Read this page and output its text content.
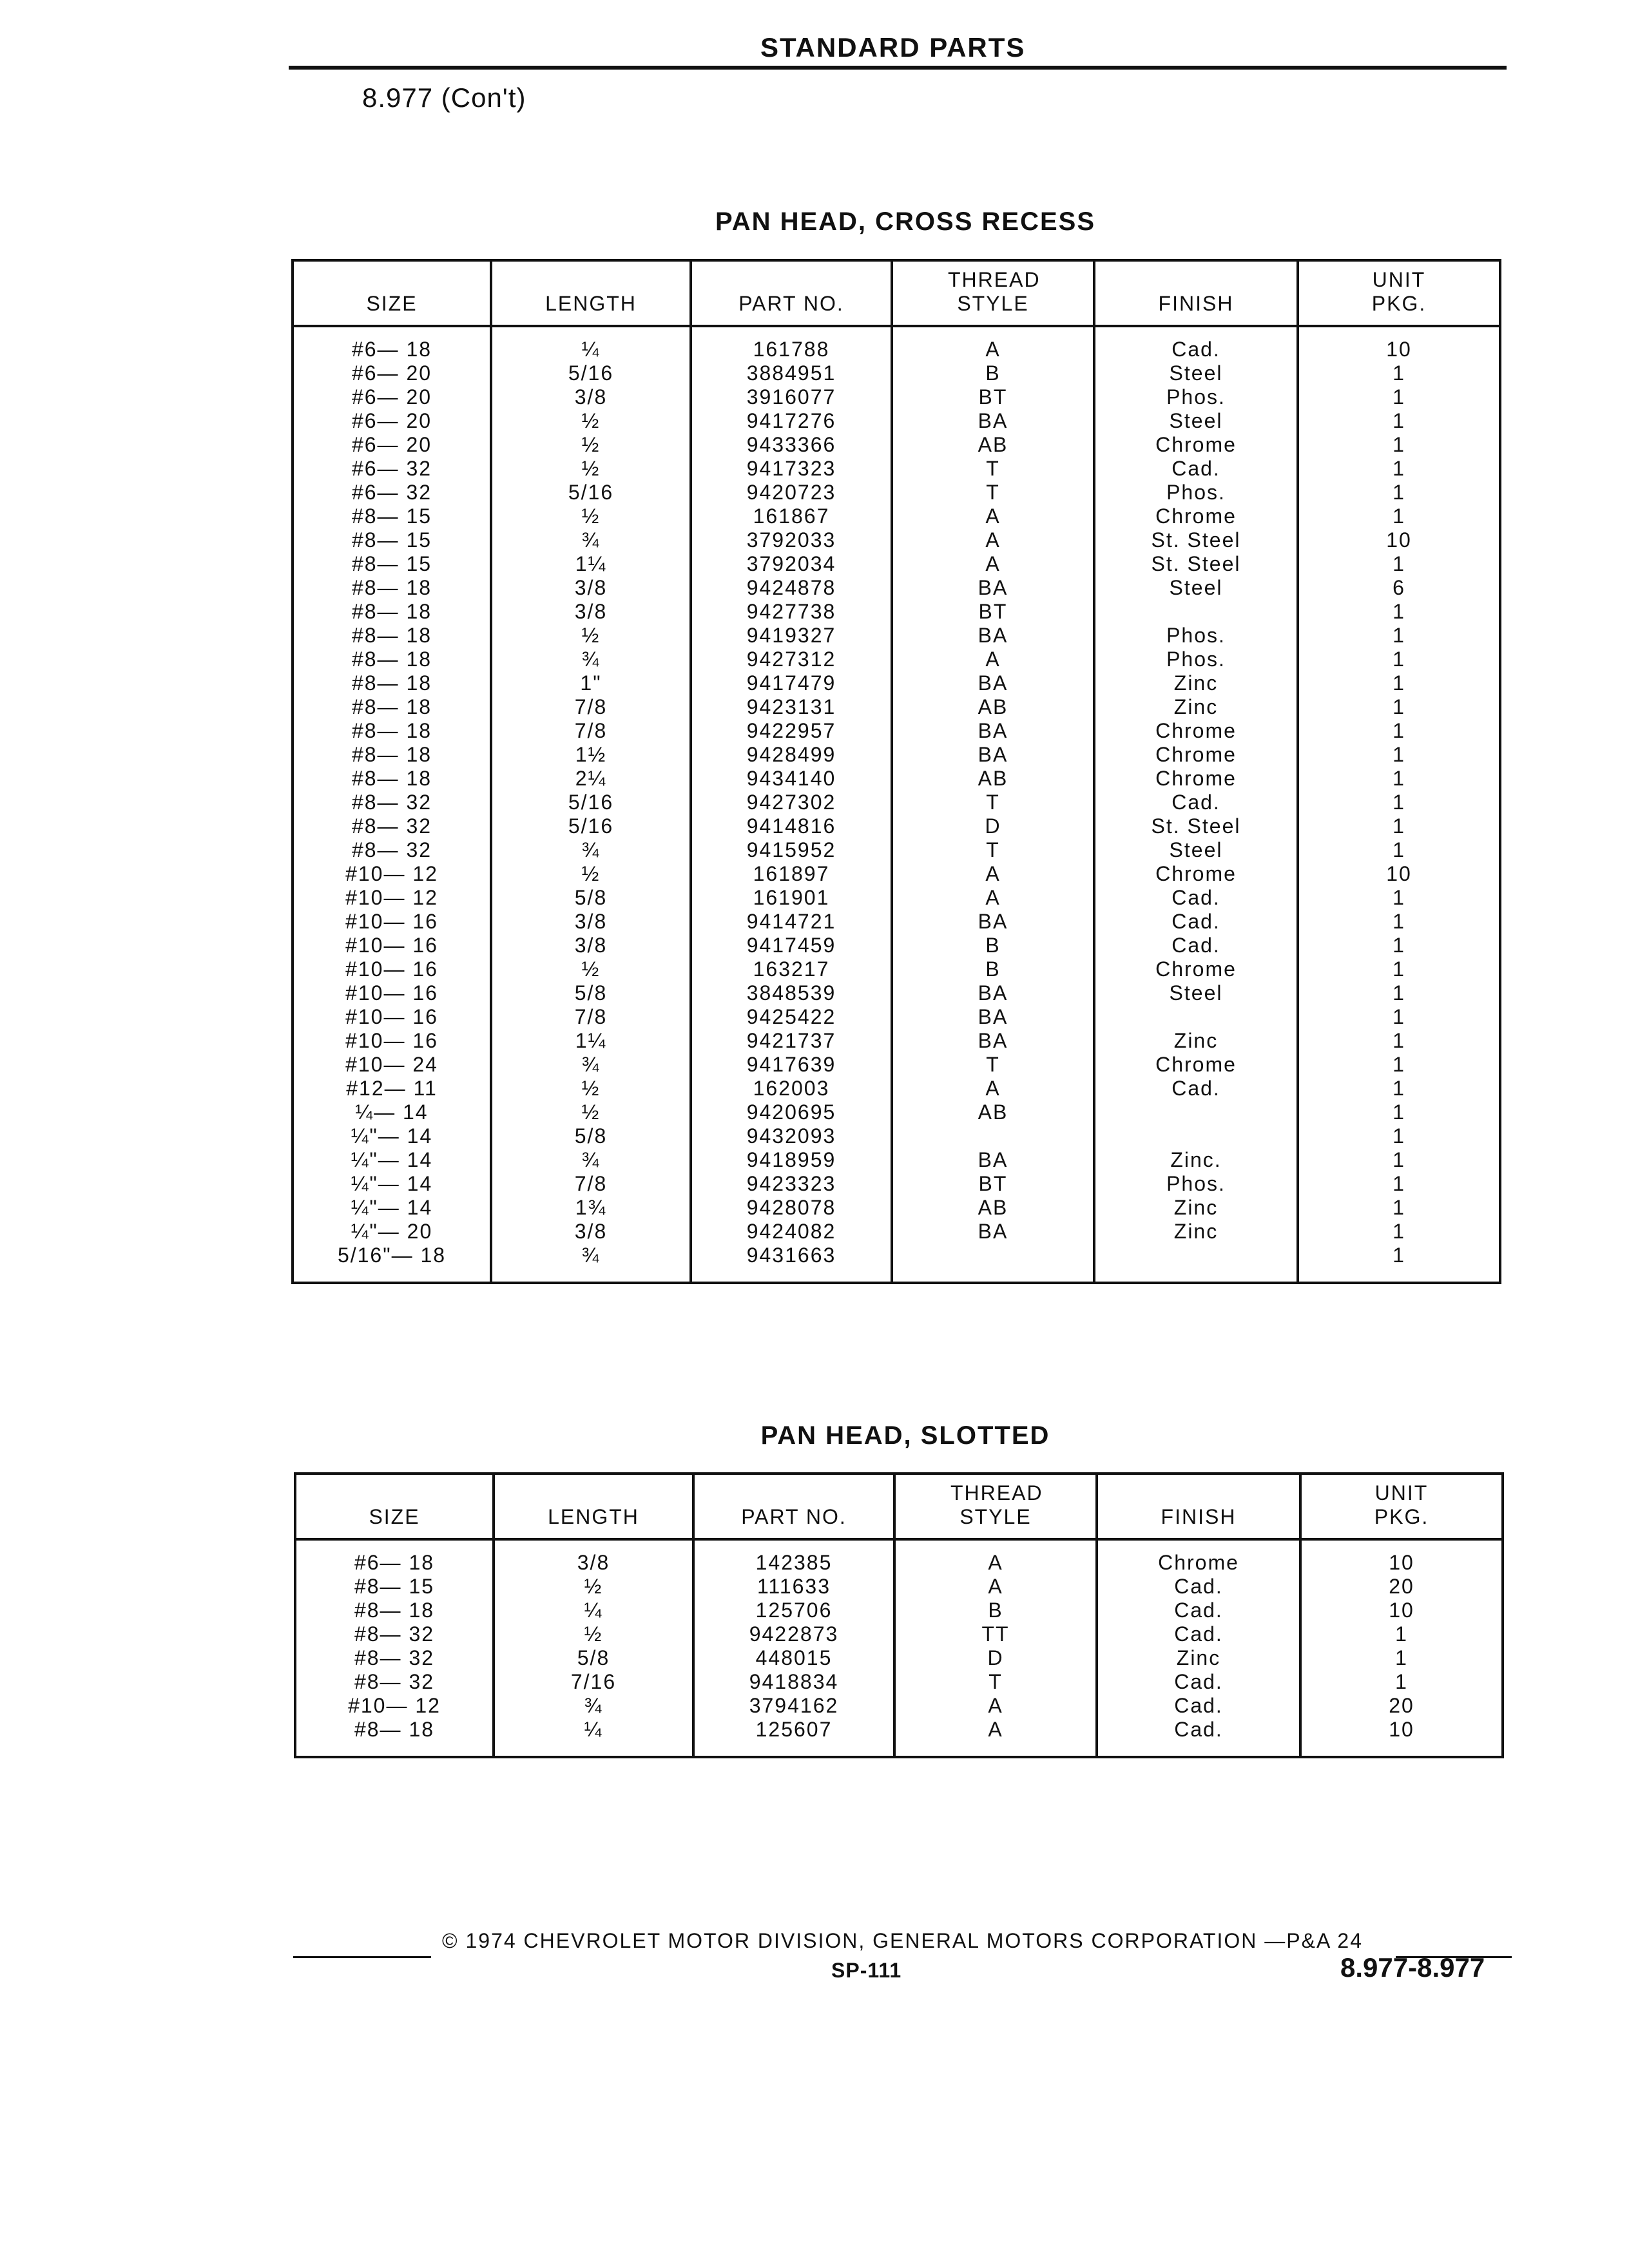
STANDARD PARTS
8.977 (Con't)
PAN HEAD, CROSS RECESS
SIZE	LENGTH	PART NO.	THREAD STYLE	FINISH	UNIT PKG.
#6— 18	¼	161788	A	Cad.	10
#6— 20	5/16	3884951	B	Steel	1
#6— 20	3/8	3916077	BT	Phos.	1
#6— 20	½	9417276	BA	Steel	1
#6— 20	½	9433366	AB	Chrome	1
#6— 32	½	9417323	T	Cad.	1
#6— 32	5/16	9420723	T	Phos.	1
#8— 15	½	161867	A	Chrome	1
#8— 15	¾	3792033	A	St. Steel	10
#8— 15	1¼	3792034	A	St. Steel	1
#8— 18	3/8	9424878	BA	Steel	6
#8— 18	3/8	9427738	BT		1
#8— 18	½	9419327	BA	Phos.	1
#8— 18	¾	9427312	A	Phos.	1
#8— 18	1"	9417479	BA	Zinc	1
#8— 18	7/8	9423131	AB	Zinc	1
#8— 18	7/8	9422957	BA	Chrome	1
#8— 18	1½	9428499	BA	Chrome	1
#8— 18	2¼	9434140	AB	Chrome	1
#8— 32	5/16	9427302	T	Cad.	1
#8— 32	5/16	9414816	D	St. Steel	1
#8— 32	¾	9415952	T	Steel	1
#10— 12	½	161897	A	Chrome	10
#10— 12	5/8	161901	A	Cad.	1
#10— 16	3/8	9414721	BA	Cad.	1
#10— 16	3/8	9417459	B	Cad.	1
#10— 16	½	163217	B	Chrome	1
#10— 16	5/8	3848539	BA	Steel	1
#10— 16	7/8	9425422	BA		1
#10— 16	1¼	9421737	BA	Zinc	1
#10— 24	¾	9417639	T	Chrome	1
#12— 11	½	162003	A	Cad.	1
¼— 14	½	9420695	AB		1
¼"— 14	5/8	9432093			1
¼"— 14	¾	9418959	BA	Zinc.	1
¼"— 14	7/8	9423323	BT	Phos.	1
¼"— 14	1¾	9428078	AB	Zinc	1
¼"— 20	3/8	9424082	BA	Zinc	1
5/16"— 18	¾	9431663			1
PAN HEAD, SLOTTED
SIZE	LENGTH	PART NO.	THREAD STYLE	FINISH	UNIT PKG.
#6— 18	3/8	142385	A	Chrome	10
#8— 15	½	111633	A	Cad.	20
#8— 18	¼	125706	B	Cad.	10
#8— 32	½	9422873	TT	Cad.	1
#8— 32	5/8	448015	D	Zinc	1
#8— 32	7/16	9418834	T	Cad.	1
#10— 12	¾	3794162	A	Cad.	20
#8— 18	¼	125607	A	Cad.	10
© 1974 CHEVROLET MOTOR DIVISION, GENERAL MOTORS CORPORATION —P&A 24
SP-111	8.977-8.977
